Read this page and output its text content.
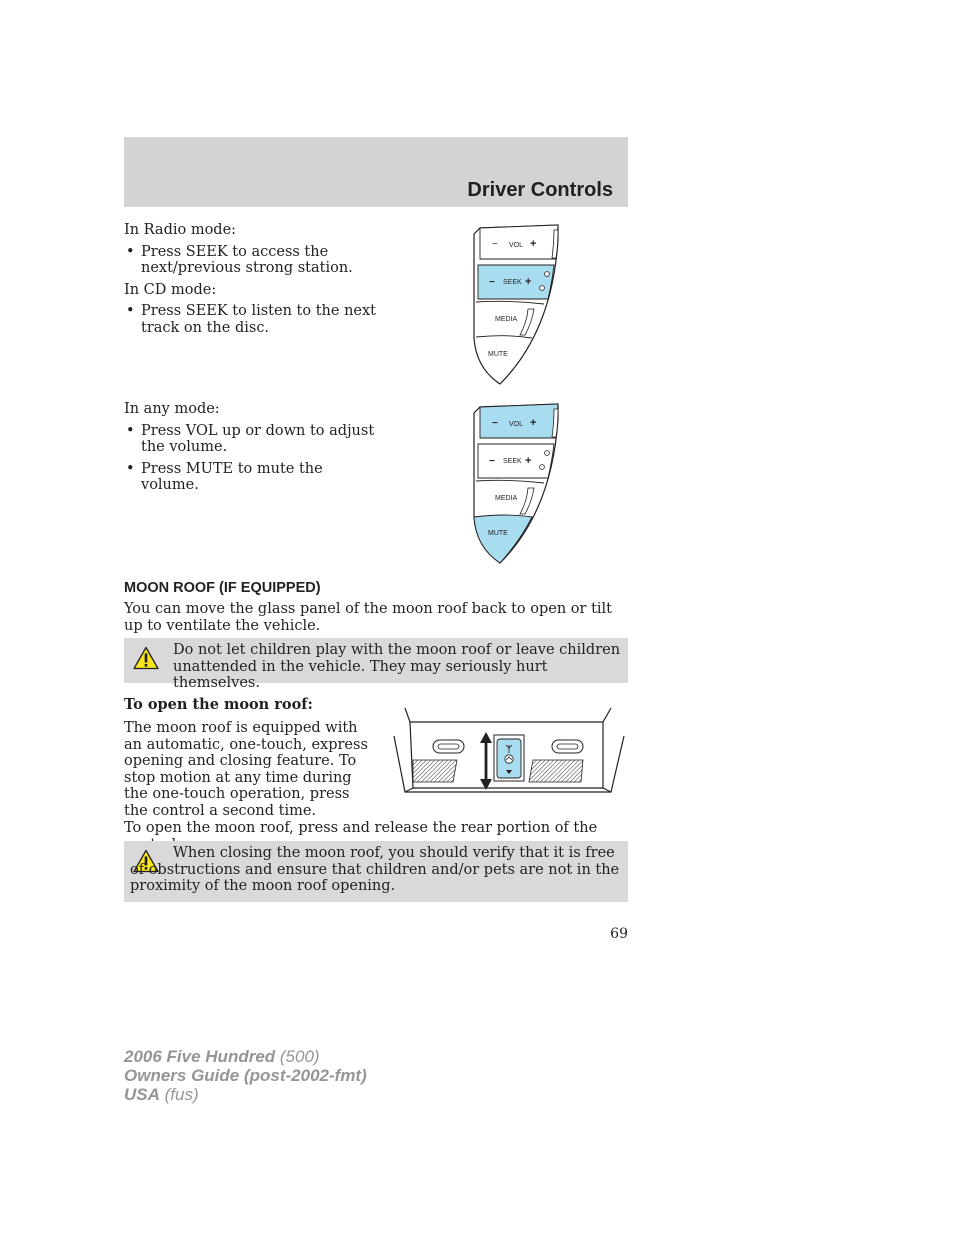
Driver Controls

In Radio mode:

• Press SEEK to access the next/previous strong station.

In CD mode:

• Press SEEK to listen to the next track on the disc.
− VOL +
− SEEK +
MEDIA
MUTE

In any mode:

• Press VOL up or down to adjust the volume.
• Press MUTE to mute the volume.
− VOL +
− SEEK +
MEDIA
MUTE
MOON ROOF (IF EQUIPPED)
You can move the glass panel of the moon roof back to open or tilt up to ventilate the vehicle.
Do not let children play with the moon roof or leave children unattended in the vehicle. They may seriously hurt themselves.
To open the moon roof:
The moon roof is equipped with an automatic, one-touch, express opening and closing feature. To stop motion at any time during the one-touch operation, press the control a second time.
To open the moon roof, press and release the rear portion of the
When closing the moon roof, you should verify that it is free of obstructions and ensure that children and/or pets are not in the proximity of the moon roof opening.
69
2006 Five Hundred (500)
Owners Guide (post-2002-fmt)
USA (fus)
